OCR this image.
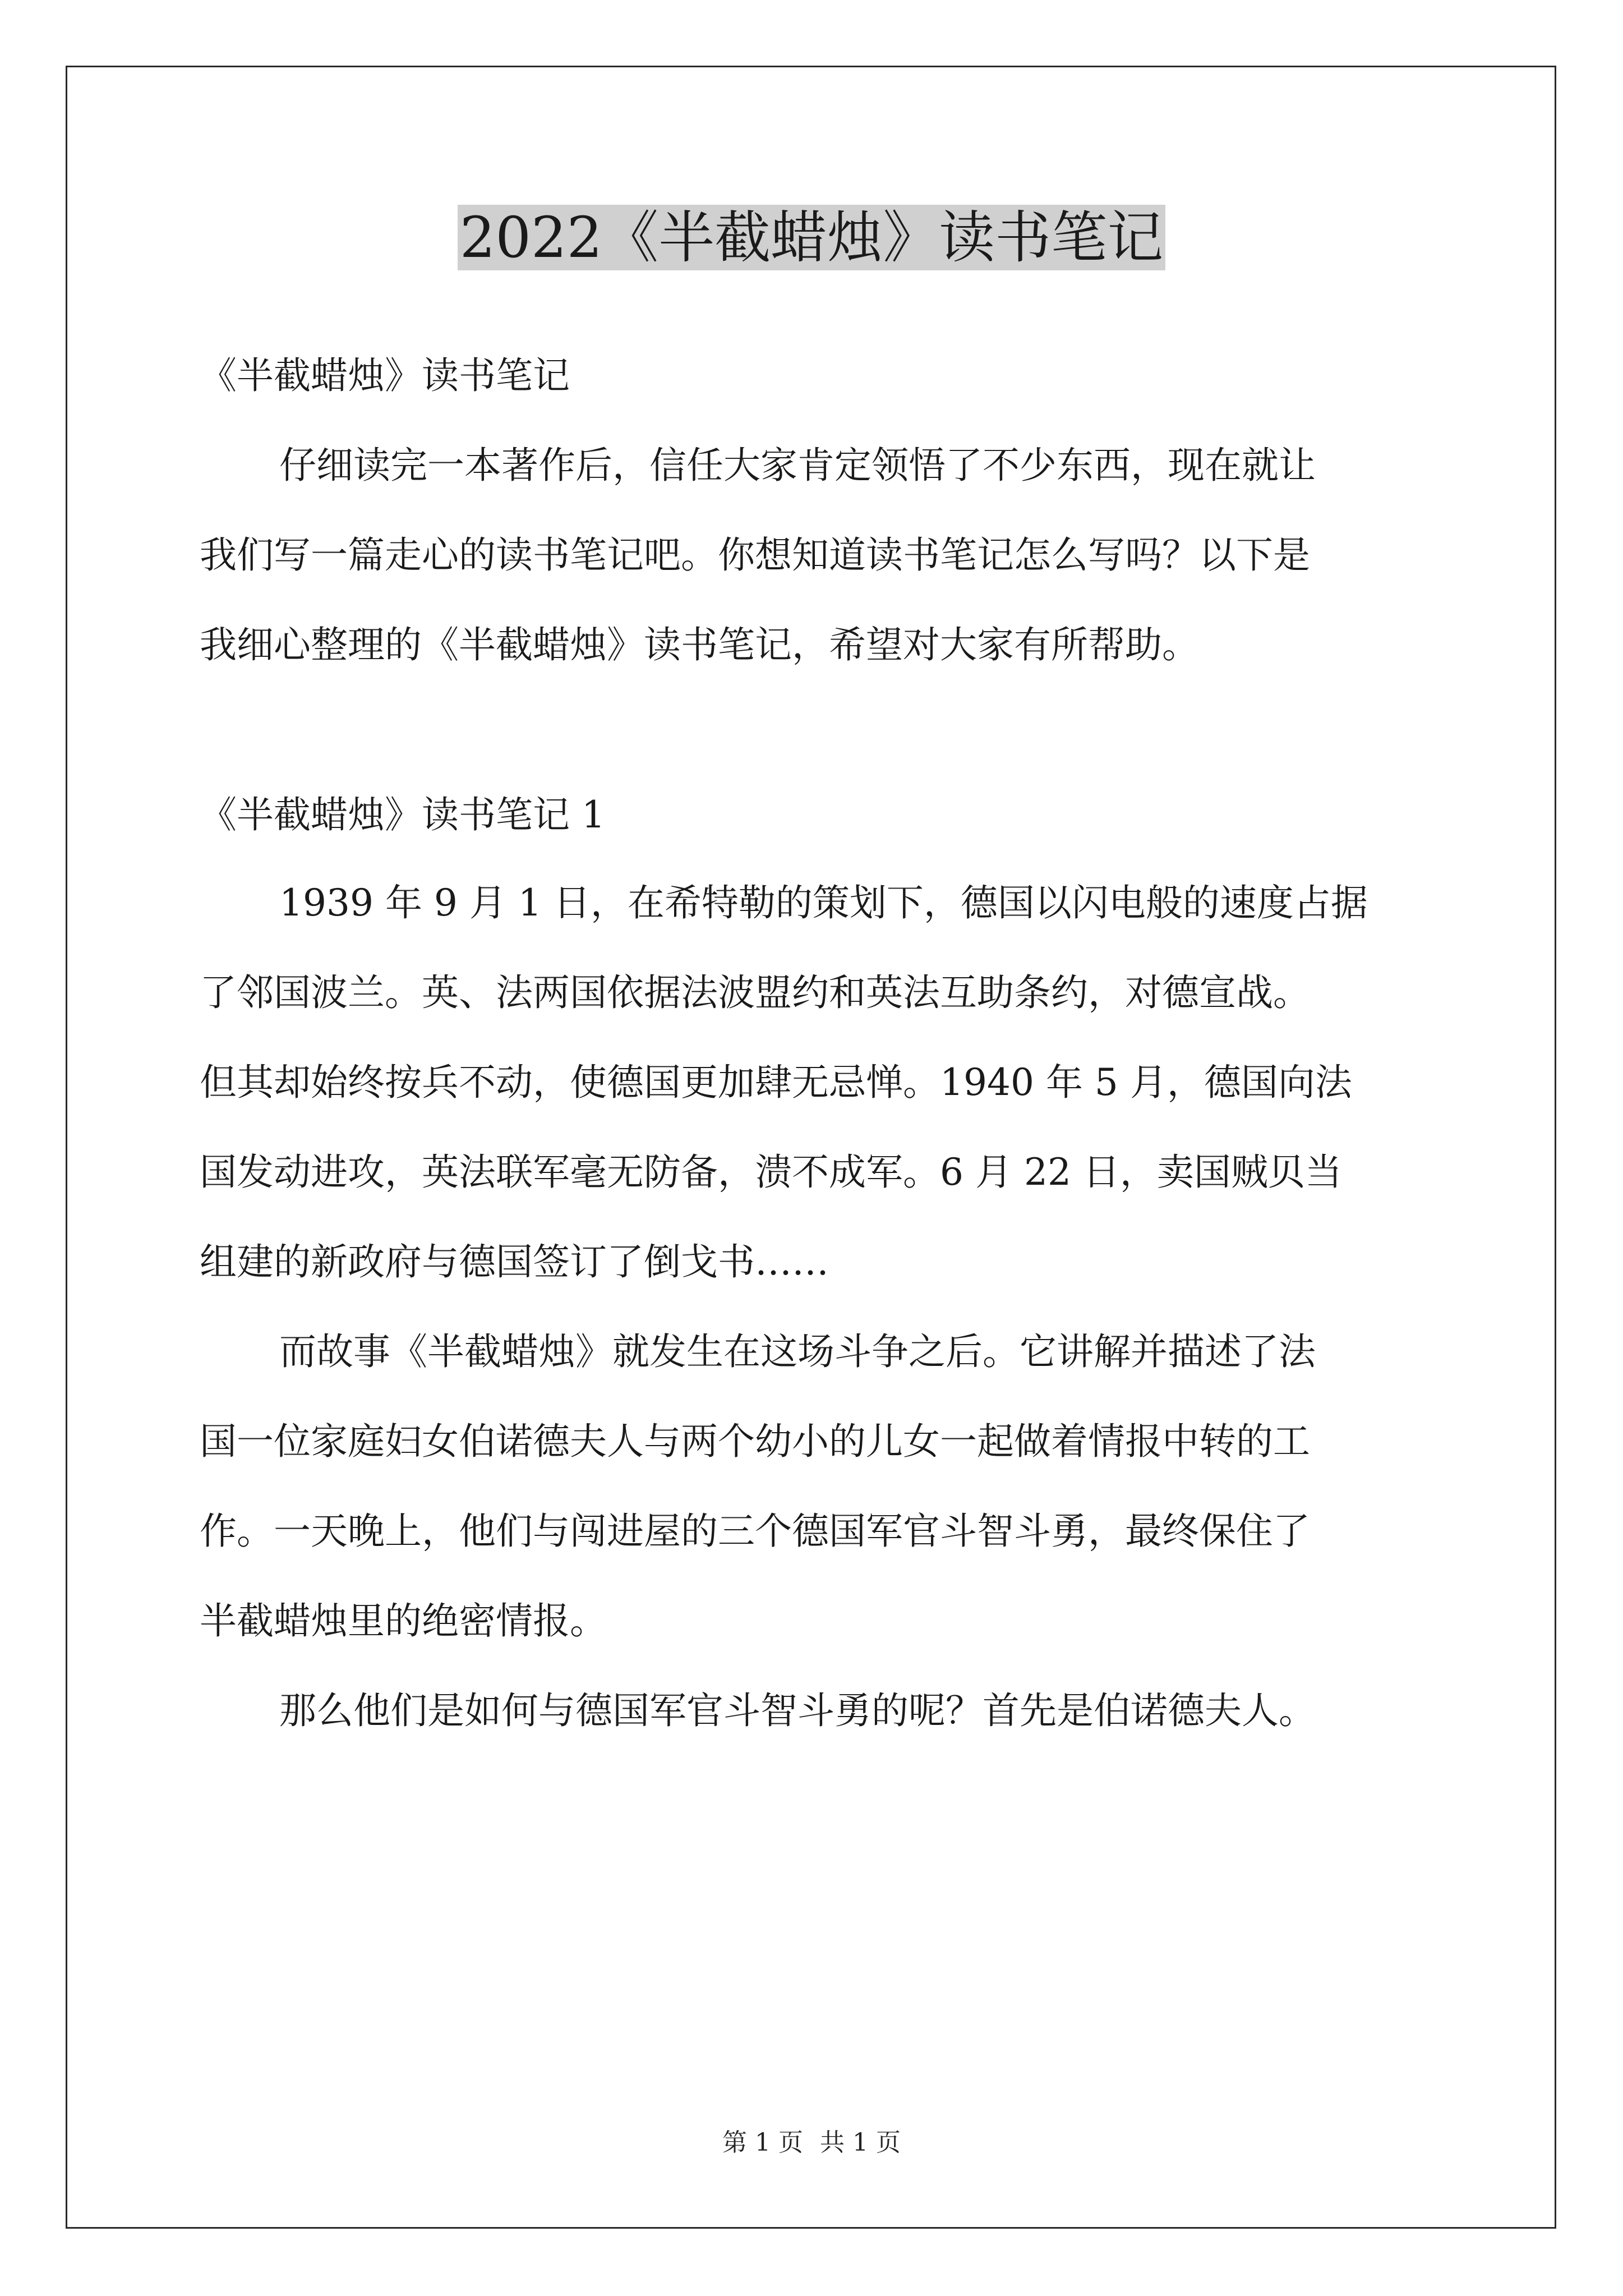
2022《半截蜡烛》读书笔记

《半截蜡烛》读书笔记

仔细读完一本著作后，信任大家肯定领悟了不少东西，现在就让

我们写一篇走心的读书笔记吧。你想知道读书笔记怎么写吗？以下是

我细心整理的《半截蜡烛》读书笔记，希望对大家有所帮助。

《半截蜡烛》读书笔记 1

1939 年 9 月 1 日，在希特勒的策划下，德国以闪电般的速度占据

了邻国波兰。英、法两国依据法波盟约和英法互助条约，对德宣战。

但其却始终按兵不动，使德国更加肆无忌惮。1940 年 5 月，德国向法

国发动进攻，英法联军毫无防备，溃不成军。6 月 22 日，卖国贼贝当

组建的新政府与德国签订了倒戈书……

而故事《半截蜡烛》就发生在这场斗争之后。它讲解并描述了法

国一位家庭妇女伯诺德夫人与两个幼小的儿女一起做着情报中转的工

作。一天晚上，他们与闯进屋的三个德国军官斗智斗勇，最终保住了

半截蜡烛里的绝密情报。

那么他们是如何与德国军官斗智斗勇的呢？首先是伯诺德夫人。

第 1 页 共 1 页
